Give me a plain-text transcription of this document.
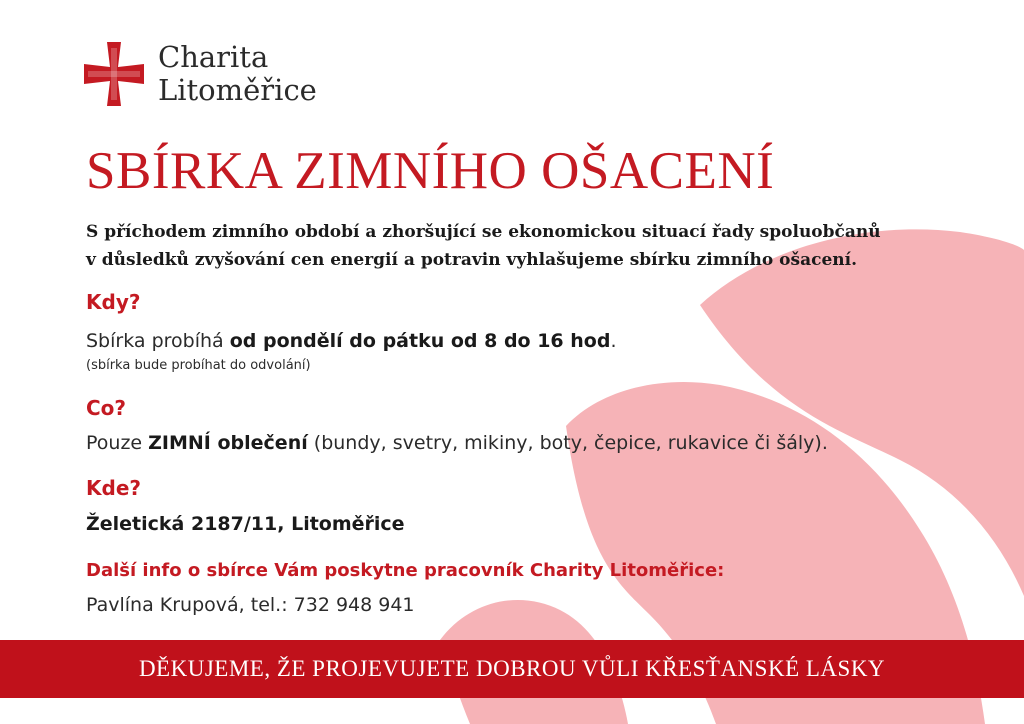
Charita
Litoměřice
SBÍRKA ZIMNÍHO OŠACENÍ

S příchodem zimního období a zhoršující se ekonomickou situací řady spoluobčanů
v důsledků zvyšování cen energií a potravin vyhlašujeme sbírku zimního ošacení.

Kdy?

Sbírka probíhá od pondělí do pátku od 8 do 16 hod.

(sbírka bude probíhat do odvolání)

Co?

Pouze ZIMNÍ oblečení (bundy, svetry, mikiny, boty, čepice, rukavice či šály).

Kde?

Želetická 2187/11, Litoměřice

Další info o sbírce Vám poskytne pracovník Charity Litoměřice:

Pavlína Krupová, tel.: 732 948 941

DĚKUJEME, ŽE PROJEVUJETE DOBROU VŮLI KŘESŤANSKÉ LÁSKY
